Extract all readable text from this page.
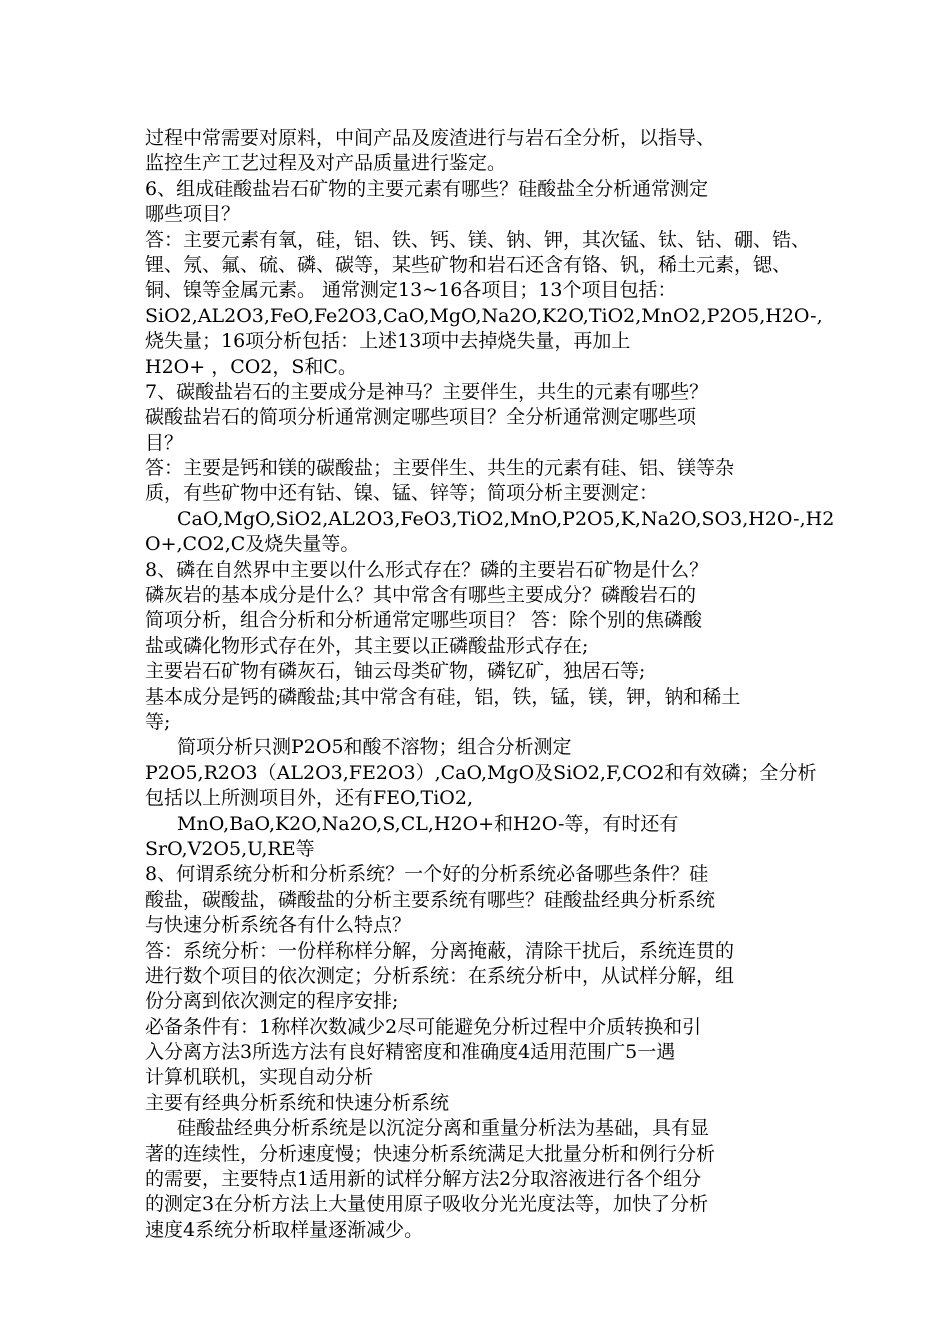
过程中常需要对原料，中间产品及废渣进行与岩石全分析，以指导、
监控生产工艺过程及对产品质量进行鉴定。
6、组成硅酸盐岩石矿物的主要元素有哪些？硅酸盐全分析通常测定
哪些项目？
答：主要元素有氧，硅，铝、铁、钙、镁、钠、钾，其次锰、钛、钴、硼、锆、
锂、氖、氟、硫、磷、碳等，某些矿物和岩石还含有铬、钒，稀土元素，锶、
铜、镍等金属元素。 通常测定13~16各项目；13个项目包括：
SiO2,AL2O3,FeO,Fe2O3,CaO,MgO,Na2O,K2O,TiO2,MnO2,P2O5,H2O-,
烧失量；16项分析包括：上述13项中去掉烧失量，再加上
H2O+ ，CO2，S和C。
7、碳酸盐岩石的主要成分是神马？主要伴生，共生的元素有哪些？
碳酸盐岩石的简项分析通常测定哪些项目？全分析通常测定哪些项
目？
答：主要是钙和镁的碳酸盐；主要伴生、共生的元素有硅、铝、镁等杂
质，有些矿物中还有钴、镍、锰、锌等；简项分析主要测定：
CaO,MgO,SiO2,AL2O3,FeO3,TiO2,MnO,P2O5,K,Na2O,SO3,H2O-,H2
O+,CO2,C及烧失量等。
8、磷在自然界中主要以什么形式存在？磷的主要岩石矿物是什么？
磷灰岩的基本成分是什么？其中常含有哪些主要成分？磷酸岩石的
简项分析，组合分析和分析通常定哪些项目？ 答：除个别的焦磷酸
盐或磷化物形式存在外，其主要以正磷酸盐形式存在;
主要岩石矿物有磷灰石，铀云母类矿物，磷钇矿，独居石等;
基本成分是钙的磷酸盐;其中常含有硅，铝，铁，锰，镁，钾，钠和稀土
等;
简项分析只测P2O5和酸不溶物；组合分析测定
P2O5,R2O3（AL2O3,FE2O3）,CaO,MgO及SiO2,F,CO2和有效磷；全分析
包括以上所测项目外，还有FEO,TiO2,
MnO,BaO,K2O,Na2O,S,CL,H2O+和H2O-等，有时还有
SrO,V2O5,U,RE等
8、何谓系统分析和分析系统？一个好的分析系统必备哪些条件？硅
酸盐，碳酸盐，磷酸盐的分析主要系统有哪些？硅酸盐经典分析系统
与快速分析系统各有什么特点？
答：系统分析：一份样称样分解，分离掩蔽，清除干扰后，系统连贯的
进行数个项目的依次测定；分析系统：在系统分析中，从试样分解，组
份分离到依次测定的程序安排;
必备条件有：1称样次数减少2尽可能避免分析过程中介质转换和引
入分离方法3所选方法有良好精密度和准确度4适用范围广5一遇
计算机联机，实现自动分析
主要有经典分析系统和快速分析系统
硅酸盐经典分析系统是以沉淀分离和重量分析法为基础，具有显
著的连续性，分析速度慢；快速分析系统满足大批量分析和例行分析
的需要，主要特点1适用新的试样分解方法2分取溶液进行各个组分
的测定3在分析方法上大量使用原子吸收分光光度法等，加快了分析
速度4系统分析取样量逐渐减少。
